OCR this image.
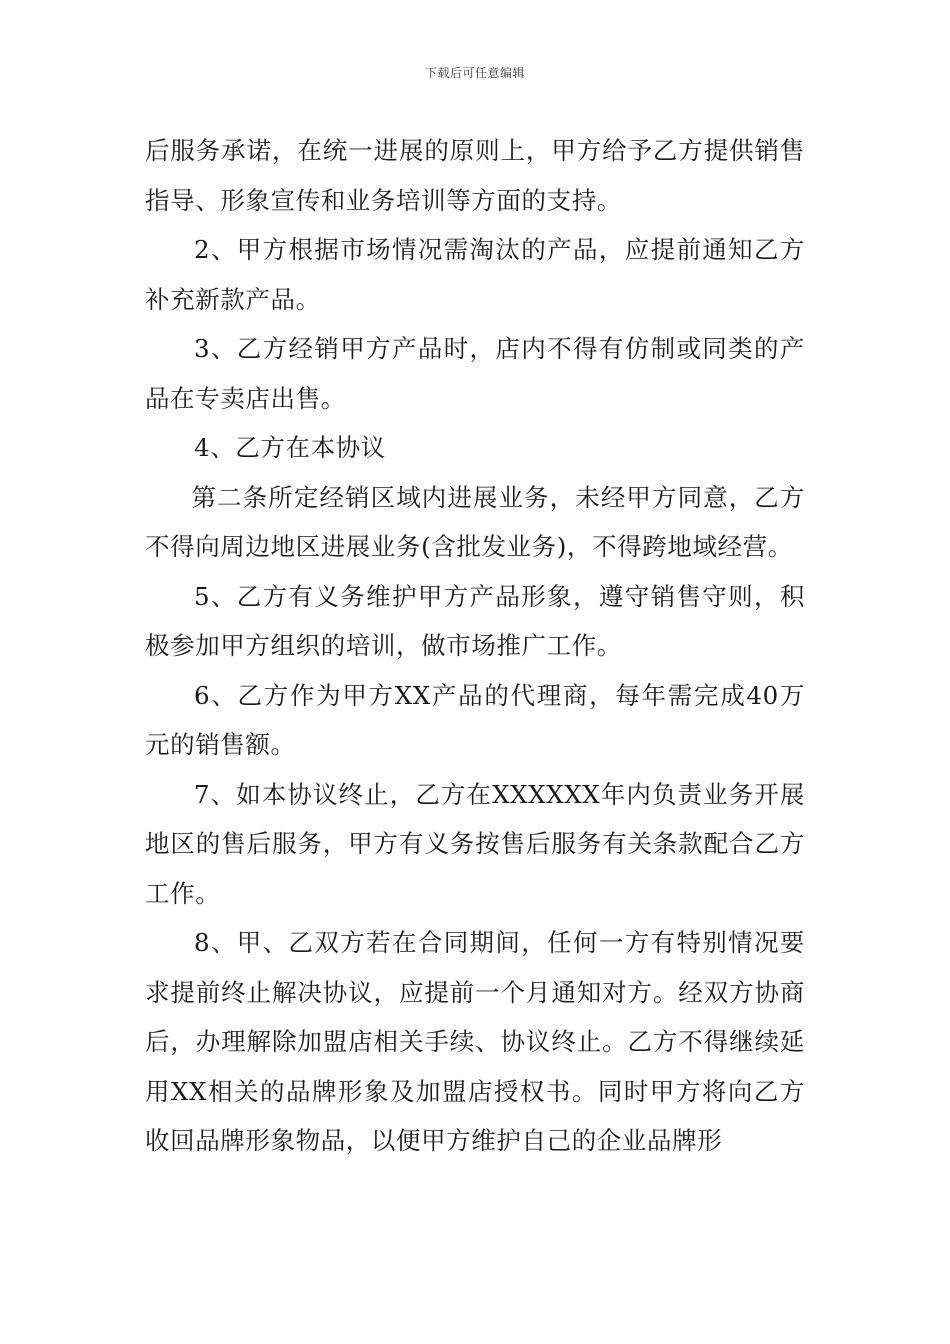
下载后可任意编辑

后服务承诺，在统一进展的原则上，甲方给予乙方提供销售指导、形象宣传和业务培训等方面的支持。

2、甲方根据市场情况需淘汰的产品，应提前通知乙方补充新款产品。

3、乙方经销甲方产品时，店内不得有仿制或同类的产品在专卖店出售。

4、乙方在本协议

第二条所定经销区域内进展业务，未经甲方同意，乙方不得向周边地区进展业务(含批发业务)，不得跨地域经营。

5、乙方有义务维护甲方产品形象，遵守销售守则，积极参加甲方组织的培训，做市场推广工作。

6、乙方作为甲方XX产品的代理商，每年需完成40万元的销售额。

7、如本协议终止，乙方在XXXXXX年内负责业务开展地区的售后服务，甲方有义务按售后服务有关条款配合乙方工作。

8、甲、乙双方若在合同期间，任何一方有特别情况要求提前终止解决协议，应提前一个月通知对方。经双方协商后，办理解除加盟店相关手续、协议终止。乙方不得继续延用XX相关的品牌形象及加盟店授权书。同时甲方将向乙方收回品牌形象物品，以便甲方维护自己的企业品牌形
